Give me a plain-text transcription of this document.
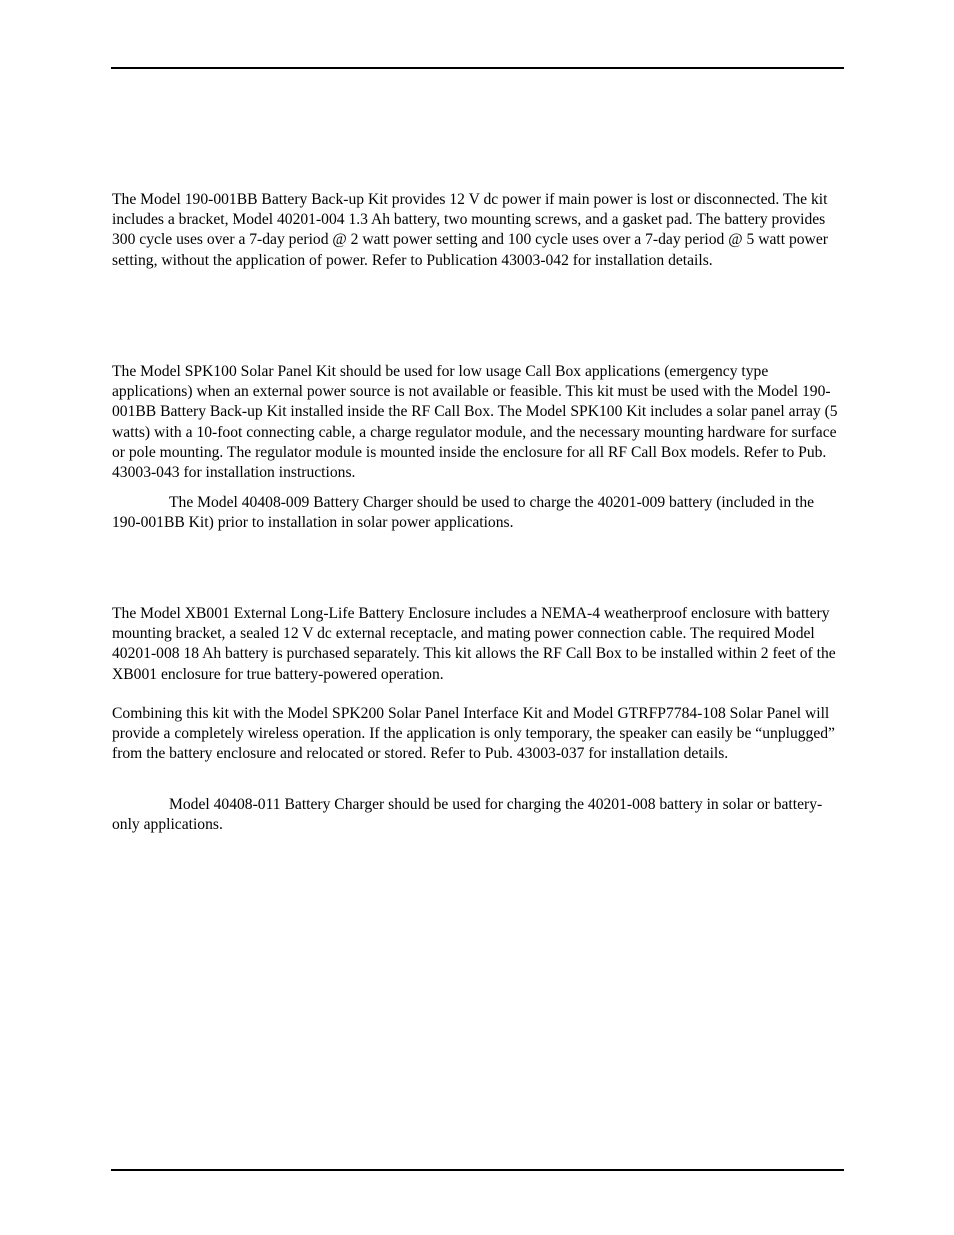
The Model 190-001BB Battery Back-up Kit provides 12 V dc power if main power is lost or disconnected. The kit includes a bracket, Model 40201-004 1.3 Ah battery, two mounting screws, and a gasket pad. The battery provides 300 cycle uses over a 7-day period @ 2 watt power setting and 100 cycle uses over a 7-day period @ 5 watt power setting, without the application of power. Refer to Publication 43003-042 for installation details.

The Model SPK100 Solar Panel Kit should be used for low usage Call Box applications (emergency type applications) when an external power source is not available or feasible. This kit must be used with the Model 190-001BB Battery Back-up Kit installed inside the RF Call Box. The Model SPK100 Kit includes a solar panel array (5 watts) with a 10-foot connecting cable, a charge regulator module, and the necessary mounting hardware for surface or pole mounting. The regulator module is mounted inside the enclosure for all RF Call Box models. Refer to Pub. 43003-043 for installation instructions.

The Model 40408-009 Battery Charger should be used to charge the 40201-009 battery (included in the 190-001BB Kit) prior to installation in solar power applications.

The Model XB001 External Long-Life Battery Enclosure includes a NEMA-4 weatherproof enclosure with battery mounting bracket, a sealed 12 V dc external receptacle, and mating power connection cable. The required Model 40201-008 18 Ah battery is purchased separately. This kit allows the RF Call Box to be installed within 2 feet of the XB001 enclosure for true battery-powered operation.

Combining this kit with the Model SPK200 Solar Panel Interface Kit and Model GTRFP7784-108 Solar Panel will provide a completely wireless operation. If the application is only temporary, the speaker can easily be “unplugged” from the battery enclosure and relocated or stored. Refer to Pub. 43003-037 for installation details.

Model 40408-011 Battery Charger should be used for charging the 40201-008 battery in solar or battery-only applications.
